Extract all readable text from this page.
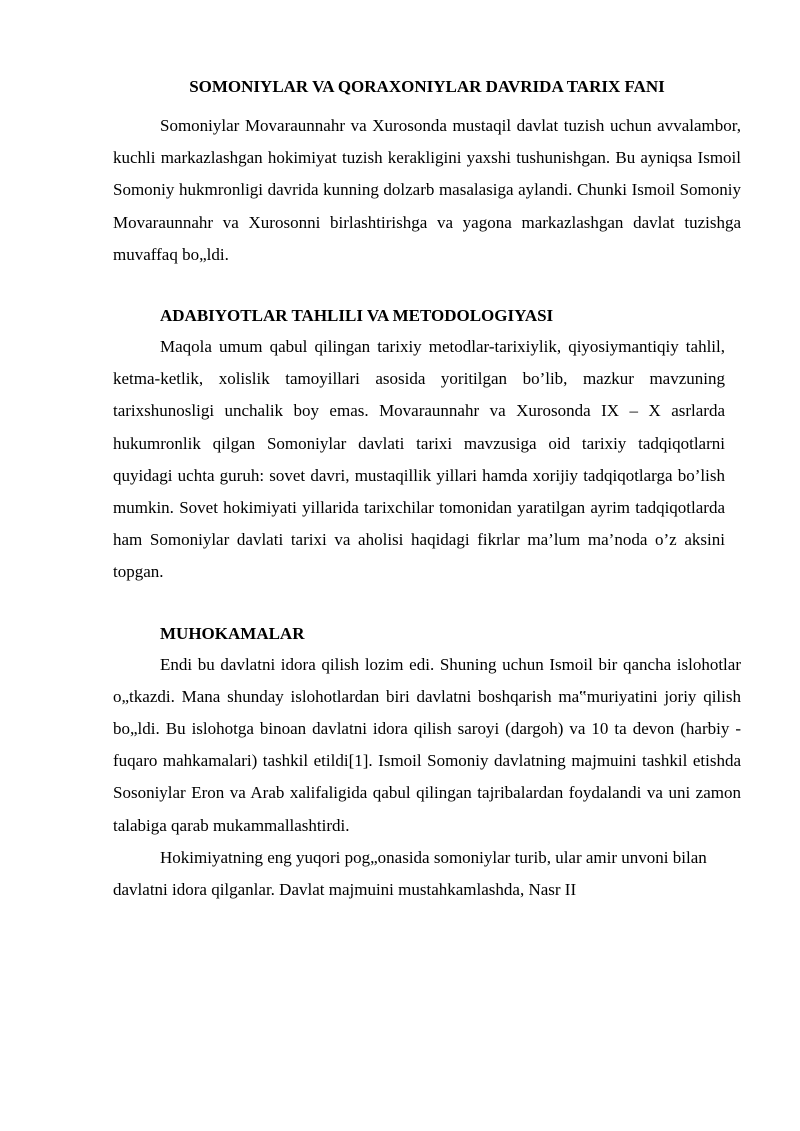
SOMONIYLAR VA QORAXONIYLAR DAVRIDA TARIX FANI

Somoniylar Movaraunnahr va Xurosonda mustaqil davlat tuzish uchun avvalambor, kuchli markazlashgan hokimiyat tuzish kerakligini yaxshi tushunishgan. Bu ayniqsa Ismoil Somoniy hukmronligi davrida kunning dolzarb masalasiga aylandi. Chunki Ismoil Somoniy Movaraunnahr va Xurosonni birlashtirishga va yagona markazlashgan davlat tuzishga muvaffaq bo„ldi.

ADABIYOTLAR TAHLILI VA METODOLOGIYASI

Maqola umum qabul qilingan tarixiy metodlar-tarixiylik, qiyosiymantiqiy tahlil, ketma-ketlik, xolislik tamoyillari asosida yoritilgan bo’lib, mazkur mavzuning tarixshunosligi unchalik boy emas. Movaraunnahr va Xurosonda IX – X asrlarda hukumronlik qilgan Somoniylar davlati tarixi mavzusiga oid tarixiy tadqiqotlarni quyidagi uchta guruh: sovet davri, mustaqillik yillari hamda xorijiy tadqiqotlarga bo’lish mumkin. Sovet hokimiyati yillarida tarixchilar tomonidan yaratilgan ayrim tadqiqotlarda ham Somoniylar davlati tarixi va aholisi haqidagi fikrlar ma’lum ma’noda o’z aksini topgan.

MUHOKAMALAR

Endi bu davlatni idora qilish lozim edi. Shuning uchun Ismoil bir qancha islohotlar o„tkazdi. Mana shunday islohotlardan biri davlatni boshqarish ma‟muriyatini joriy qilish bo„ldi. Bu islohotga binoan davlatni idora qilish saroyi (dargoh) va 10 ta devon (harbiy -fuqaro mahkamalari) tashkil etildi[1]. Ismoil Somoniy davlatning majmuini tashkil etishda Sosoniylar Eron va Arab xalifaligida qabul qilingan tajribalardan foydalandi va uni zamon talabiga qarab mukammallashtirdi.

Hokimiyatning eng yuqori pog„onasida somoniylar turib, ular amir unvoni bilan davlatni idora qilganlar. Davlat majmuini mustahkamlashda, Nasr II
